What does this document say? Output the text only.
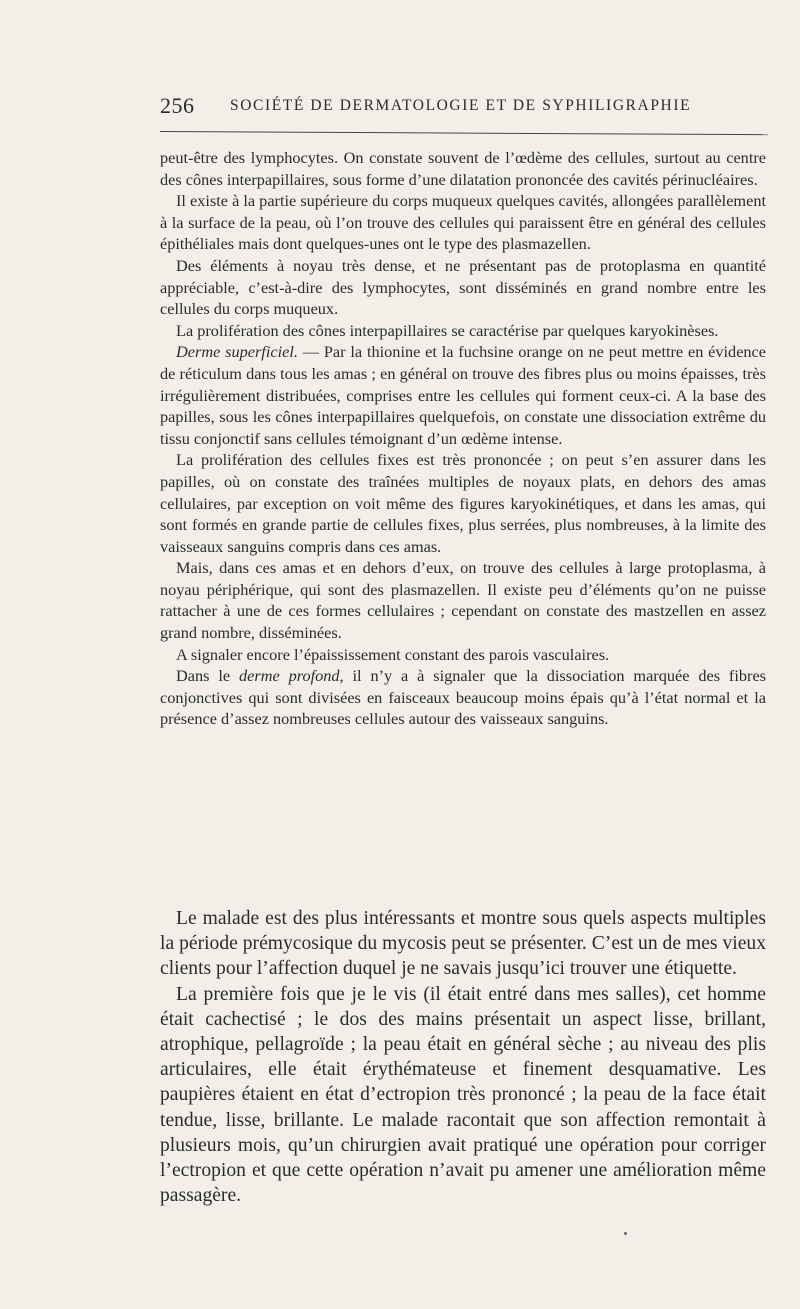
256 SOCIÉTÉ DE DERMATOLOGIE ET DE SYPHILIGRAPHIE

peut-être des lymphocytes. On constate souvent de l’œdème des cellules, surtout au centre des cônes interpapillaires, sous forme d’une dilatation prononcée des cavités périnucléaires.

Il existe à la partie supérieure du corps muqueux quelques cavités, allongées parallèlement à la surface de la peau, où l’on trouve des cellules qui paraissent être en général des cellules épithéliales mais dont quelques-unes ont le type des plasmazellen.

Des éléments à noyau très dense, et ne présentant pas de protoplasma en quantité appréciable, c’est-à-dire des lymphocytes, sont disséminés en grand nombre entre les cellules du corps muqueux.

La prolifération des cônes interpapillaires se caractérise par quelques karyokinèses.

Derme superficiel. — Par la thionine et la fuchsine orange on ne peut mettre en évidence de réticulum dans tous les amas ; en général on trouve des fibres plus ou moins épaisses, très irrégulièrement distribuées, comprises entre les cellules qui forment ceux-ci. A la base des papilles, sous les cônes interpapillaires quelquefois, on constate une dissociation extrême du tissu conjonctif sans cellules témoignant d’un œdème intense.

La prolifération des cellules fixes est très prononcée ; on peut s’en assurer dans les papilles, où on constate des traînées multiples de noyaux plats, en dehors des amas cellulaires, par exception on voit même des figures karyokinétiques, et dans les amas, qui sont formés en grande partie de cellules fixes, plus serrées, plus nombreuses, à la limite des vaisseaux sanguins compris dans ces amas.

Mais, dans ces amas et en dehors d’eux, on trouve des cellules à large protoplasma, à noyau périphérique, qui sont des plasmazellen. Il existe peu d’éléments qu’on ne puisse rattacher à une de ces formes cellulaires ; cependant on constate des mastzellen en assez grand nombre, disséminées.

A signaler encore l’épaississement constant des parois vasculaires.

Dans le derme profond, il n’y a à signaler que la dissociation marquée des fibres conjonctives qui sont divisées en faisceaux beaucoup moins épais qu’à l’état normal et la présence d’assez nombreuses cellules autour des vaisseaux sanguins.

Le malade est des plus intéressants et montre sous quels aspects multiples la période prémycosique du mycosis peut se présenter. C’est un de mes vieux clients pour l’affection duquel je ne savais jusqu’ici trouver une étiquette.

La première fois que je le vis (il était entré dans mes salles), cet homme était cachectisé ; le dos des mains présentait un aspect lisse, brillant, atrophique, pellagroïde ; la peau était en général sèche ; au niveau des plis articulaires, elle était érythémateuse et finement desquamative. Les paupières étaient en état d’ectropion très prononcé ; la peau de la face était tendue, lisse, brillante. Le malade racontait que son affection remontait à plusieurs mois, qu’un chirurgien avait pratiqué une opération pour corriger l’ectropion et que cette opération n’avait pu amener une amélioration même passagère.
